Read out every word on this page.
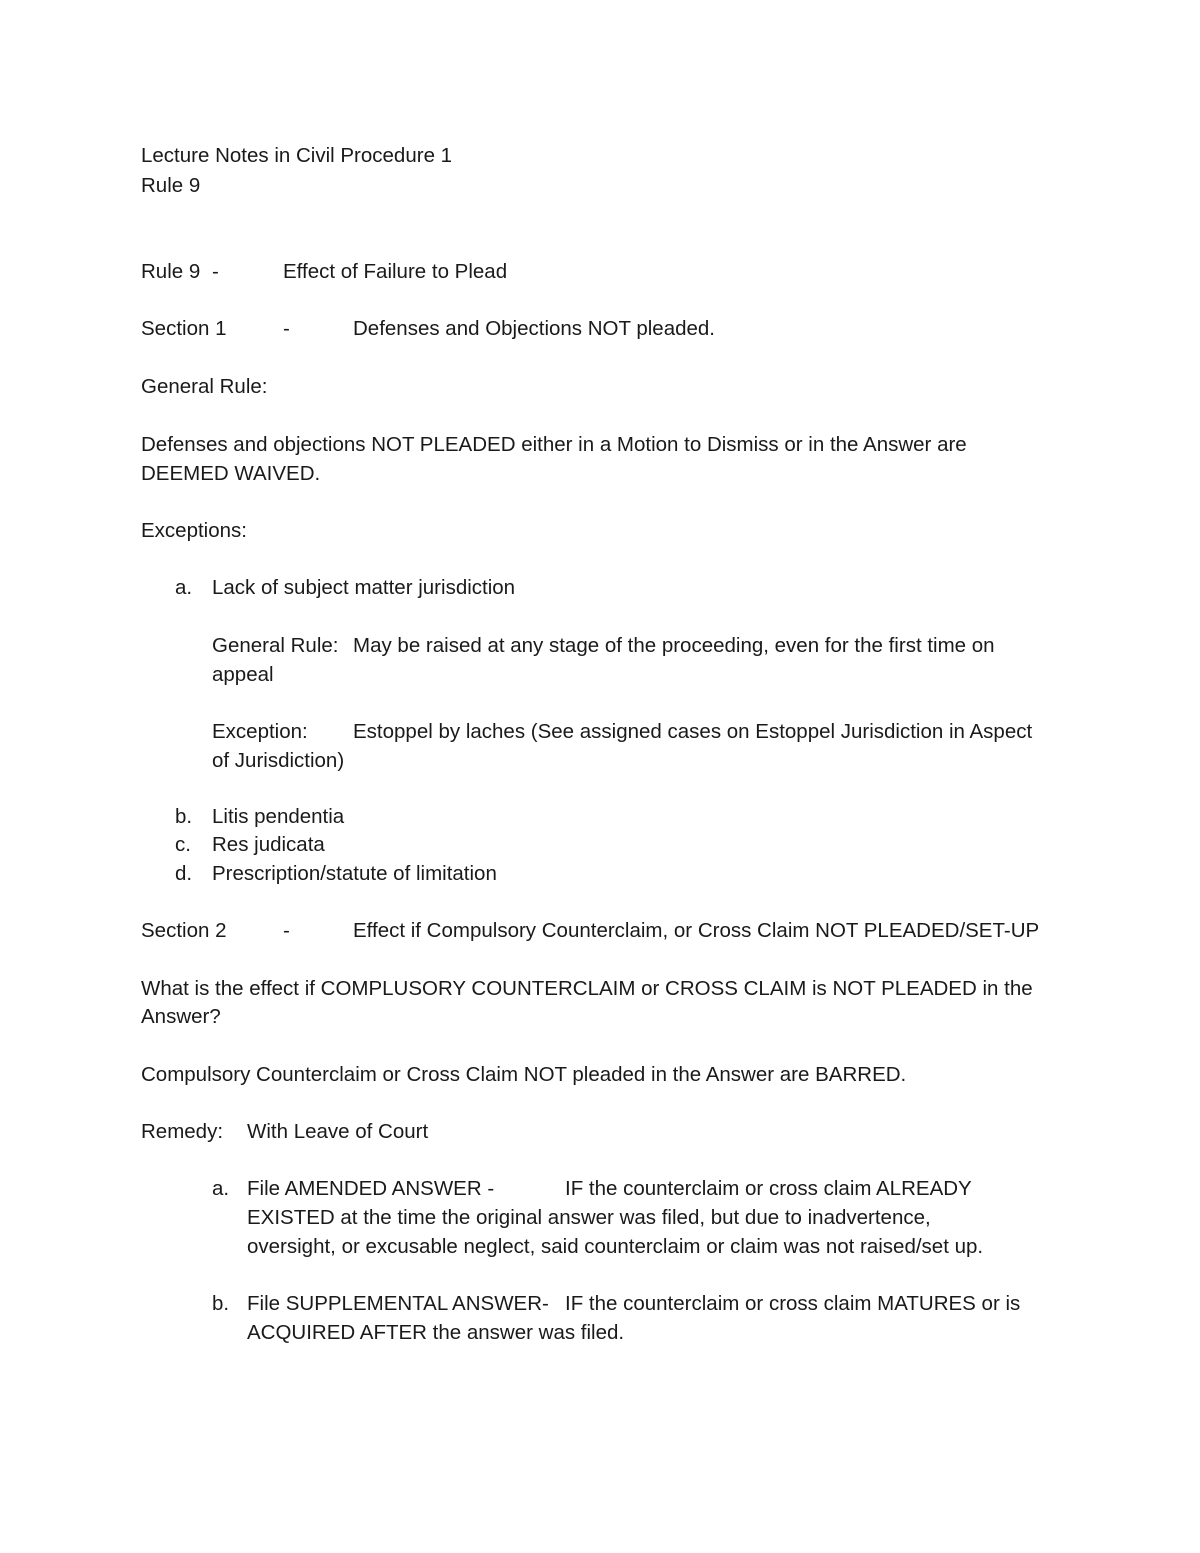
Lecture Notes in Civil Procedure 1
Rule 9
Rule 9 -	Effect of Failure to Plead
Section 1	-	Defenses and Objections NOT pleaded.
General Rule:
Defenses and objections NOT PLEADED either in a Motion to Dismiss or in the Answer are
DEEMED WAIVED.
Exceptions:
a. Lack of subject matter jurisdiction
General Rule: May be raised at any stage of the proceeding, even for the first time on
appeal
Exception: Estoppel by laches (See assigned cases on Estoppel Jurisdiction in Aspect
of Jurisdiction)
b. Litis pendentia
c. Res judicata
d. Prescription/statute of limitation
Section 2	-	Effect if Compulsory Counterclaim, or Cross Claim NOT PLEADED/SET-UP
What is the effect if COMPLUSORY COUNTERCLAIM or CROSS CLAIM is NOT PLEADED in the
Answer?
Compulsory Counterclaim or Cross Claim NOT pleaded in the Answer are BARRED.
Remedy: With Leave of Court
a. File AMENDED ANSWER -	IF the counterclaim or cross claim ALREADY
EXISTED at the time the original answer was filed, but due to inadvertence,
oversight, or excusable neglect, said counterclaim or claim was not raised/set up.
b. File SUPPLEMENTAL ANSWER- IF the counterclaim or cross claim MATURES or is
ACQUIRED AFTER the answer was filed.
